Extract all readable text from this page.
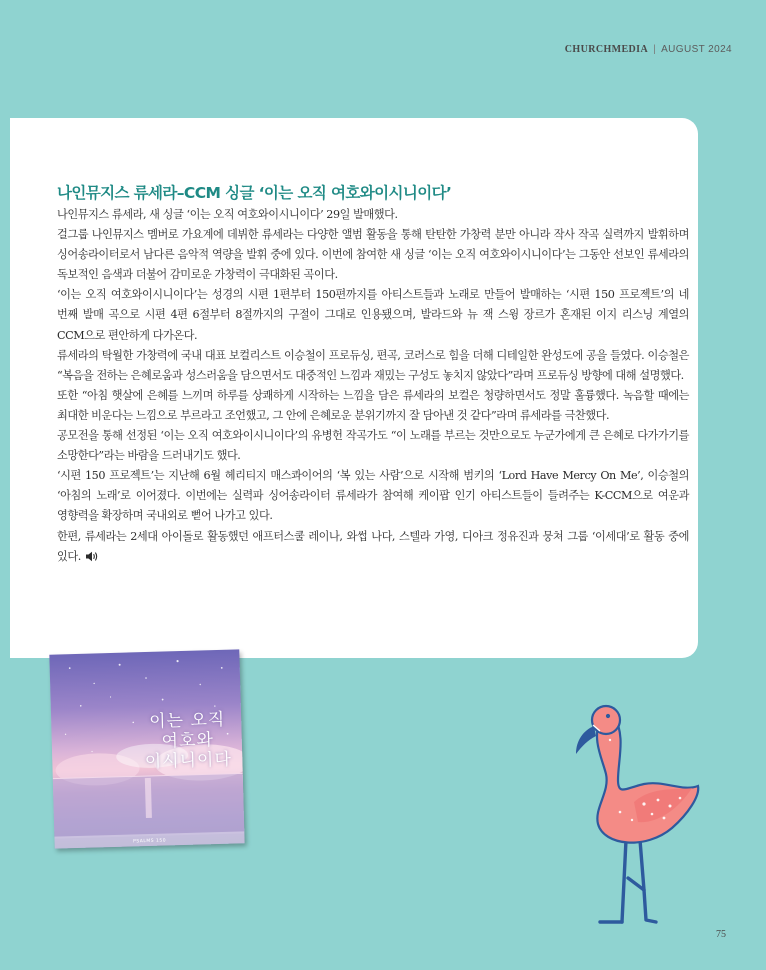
CHURCHMEDIA | AUGUST 2024
나인뮤지스 류세라–CCM 싱글 ‘이는 오직 여호와이시니이다’

나인뮤지스 류세라, 새 싱글 ‘이는 오직 여호와이시니이다’ 29일 발매했다.

걸그룹 나인뮤지스 멤버로 가요계에 데뷔한 류세라는 다양한 앨범 활동을 통해 탄탄한 가창력 분만 아니라 작사 작곡 실력까지 발휘하며 싱어송라이터로서 남다른 음악적 역량을 발휘 중에 있다. 이번에 참여한 새 싱글 ‘이는 오직 여호와이시니이다’는 그동안 선보인 류세라의 독보적인 음색과 더불어 감미로운 가창력이 극대화된 곡이다.

‘이는 오직 여호와이시니이다’는 성경의 시편 1편부터 150편까지를 아티스트들과 노래로 만들어 발매하는 ‘시편 150 프로젝트’의 네 번째 발매 곡으로 시편 4편 6절부터 8절까지의 구절이 그대로 인용됐으며, 발라드와 뉴 잭 스윙 장르가 혼재된 이지 리스닝 계열의 CCM으로 편안하게 다가온다.

류세라의 탁월한 가창력에 국내 대표 보컬리스트 이승철이 프로듀싱, 편곡, 코러스로 힘을 더해 디테일한 완성도에 공을 들였다. 이승철은 “복음을 전하는 은혜로움과 성스러움을 담으면서도 대중적인 느낌과 재밌는 구성도 놓치지 않았다”라며 프로듀싱 방향에 대해 설명했다.

또한 “아침 햇살에 은혜를 느끼며 하루를 상쾌하게 시작하는 느낌을 담은 류세라의 보컬은 청량하면서도 정말 훌륭했다. 녹음할 때에는 최대한 비운다는 느낌으로 부르라고 조언했고, 그 안에 은혜로운 분위기까지 잘 담아낸 것 같다”라며 류세라를 극찬했다.

공모전을 통해 선정된 ‘이는 오직 여호와이시니이다’의 유병헌 작곡가도 “이 노래를 부르는 것만으로도 누군가에게 큰 은혜로 다가가기를 소망한다”라는 바람을 드러내기도 했다.

‘시편 150 프로젝트’는 지난해 6월 헤리티지 매스콰이어의 ‘복 있는 사람’으로 시작해 범키의 ‘Lord Have Mercy On Me’, 이승철의 ‘아침의 노래’로 이어졌다. 이번에는 실력파 싱어송라이터 류세라가 참여해 케이팝 인기 아티스트들이 들려주는 K-CCM으로 여운과 영향력을 확장하며 국내외로 뻗어 나가고 있다.

한편, 류세라는 2세대 아이돌로 활동했던 애프터스쿨 레이나, 와썹 나다, 스텔라 가영, 디아크 정유진과 뭉쳐 그룹 ‘이세대’로 활동 중에 있다.

이는 오직
여호와
이시니이다
PSALMS 150
75
